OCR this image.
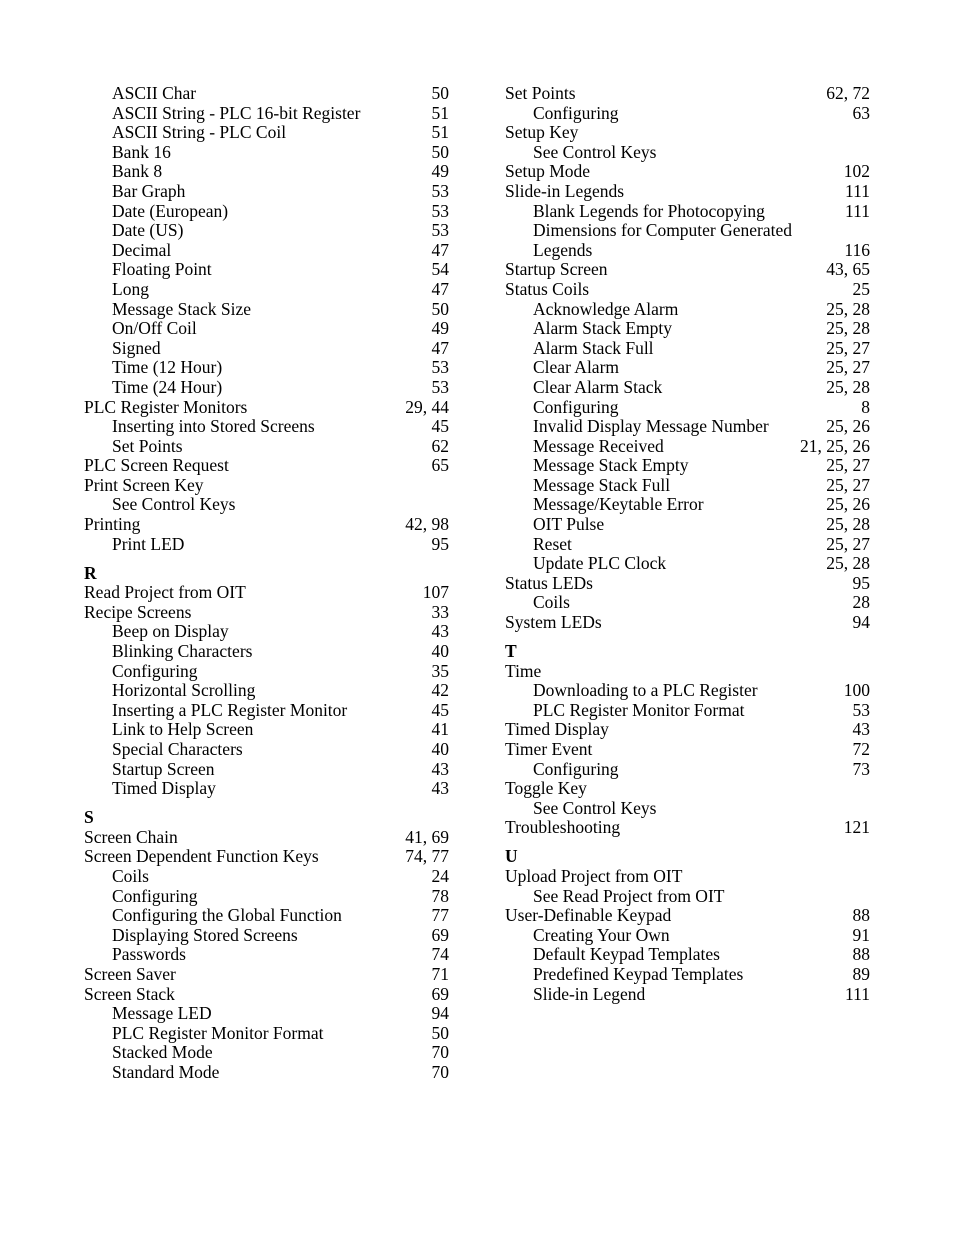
ASCII Char	50
ASCII String - PLC 16-bit Register	51
ASCII String - PLC Coil	51
Bank 16	50
Bank 8	49
Bar Graph	53
Date (European)	53
Date (US)	53
Decimal	47
Floating Point	54
Long	47
Message Stack Size	50
On/Off Coil	49
Signed	47
Time (12 Hour)	53
Time (24 Hour)	53
PLC Register Monitors	29, 44
Inserting into Stored Screens	45
Set Points	62
PLC Screen Request	65
Print Screen Key
See Control Keys
Printing	42, 98
Print LED	95
R
Read Project from OIT	107
Recipe Screens	33
Beep on Display	43
Blinking Characters	40
Configuring	35
Horizontal Scrolling	42
Inserting a PLC Register Monitor	45
Link to Help Screen	41
Special Characters	40
Startup Screen	43
Timed Display	43
S
Screen Chain	41, 69
Screen Dependent Function Keys	74, 77
Coils	24
Configuring	78
Configuring the Global Function	77
Displaying Stored Screens	69
Passwords	74
Screen Saver	71
Screen Stack	69
Message LED	94
PLC Register Monitor Format	50
Stacked Mode	70
Standard Mode	70
Set Points	62, 72
Configuring	63
Setup Key
See Control Keys
Setup Mode	102
Slide-in Legends	111
Blank Legends for Photocopying	111
Dimensions for Computer Generated
Legends	116
Startup Screen	43, 65
Status Coils	25
Acknowledge Alarm	25, 28
Alarm Stack Empty	25, 28
Alarm Stack Full	25, 27
Clear Alarm	25, 27
Clear Alarm Stack	25, 28
Configuring	8
Invalid Display Message Number	25, 26
Message Received	21, 25, 26
Message Stack Empty	25, 27
Message Stack Full	25, 27
Message/Keytable Error	25, 26
OIT Pulse	25, 28
Reset	25, 27
Update PLC Clock	25, 28
Status LEDs	95
Coils	28
System LEDs	94
T
Time
Downloading to a PLC Register	100
PLC Register Monitor Format	53
Timed Display	43
Timer Event	72
Configuring	73
Toggle Key
See Control Keys
Troubleshooting	121
U
Upload Project from OIT
See Read Project from OIT
User-Definable Keypad	88
Creating Your Own	91
Default Keypad Templates	88
Predefined Keypad Templates	89
Slide-in Legend	111
